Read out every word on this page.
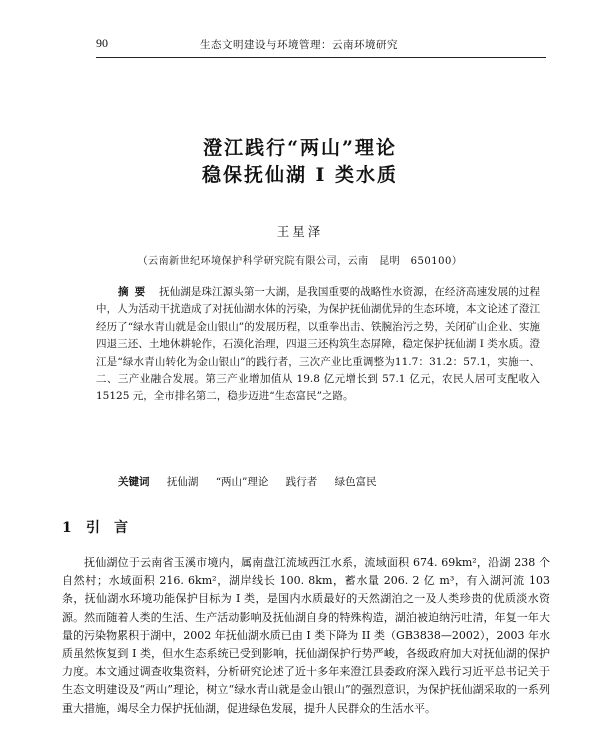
90	生态文明建设与环境管理：云南环境研究
澄江践行“两山”理论
稳保抚仙湖 I 类水质
王星泽
（云南新世纪环境保护科学研究院有限公司，云南　昆明　650100）
摘要 抚仙湖是珠江源头第一大湖，是我国重要的战略性水资源，在经济高速发展的过程中，人为活动干扰造成了对抚仙湖水体的污染，为保护抚仙湖优异的生态环境，本文论述了澄江经历了“绿水青山就是金山银山”的发展历程，以重拳出击、铁腕治污之势，关闭矿山企业、实施四退三还、土地休耕轮作，石漠化治理，四退三还构筑生态屏障，稳定保护抚仙湖 I 类水质。澄江是“绿水青山转化为金山银山”的践行者，三次产业比重调整为11.7：31.2：57.1，实施一、二、三产业融合发展。第三产业增加值从 19.8 亿元增长到 57.1 亿元，农民人居可支配收入 15125 元，全市排名第二，稳步迈进“生态富民”之路。
关键词 抚仙湖 “两山”理论 践行者 绿色富民
1 引　言
抚仙湖位于云南省玉溪市境内，属南盘江流域西江水系，流域面积 674. 69km²，沿湖 238 个自然村；水域面积 216. 6km²，湖岸线长 100. 8km，蓄水量 206. 2 亿 m³，有入湖河流 103 条，抚仙湖水环境功能保护目标为 I 类，是国内水质最好的天然湖泊之一及人类珍贵的优质淡水资源。然而随着人类的生活、生产活动影响及抚仙湖自身的特殊构造，湖泊被迫纳污吐清，年复一年大量的污染物累积于湖中，2002 年抚仙湖水质已由 I 类下降为 II 类（GB3838—2002），2003 年水质虽然恢复到 I 类，但水生态系统已受到影响，抚仙湖保护行势严峻，各级政府加大对抚仙湖的保护力度。本文通过调查收集资料，分析研究论述了近十多年来澄江县委政府深入践行习近平总书记关于生态文明建设及“两山”理论，树立“绿水青山就是金山银山”的强烈意识，为保护抚仙湖采取的一系列重大措施，竭尽全力保护抚仙湖，促进绿色发展，提升人民群众的生活水平。
